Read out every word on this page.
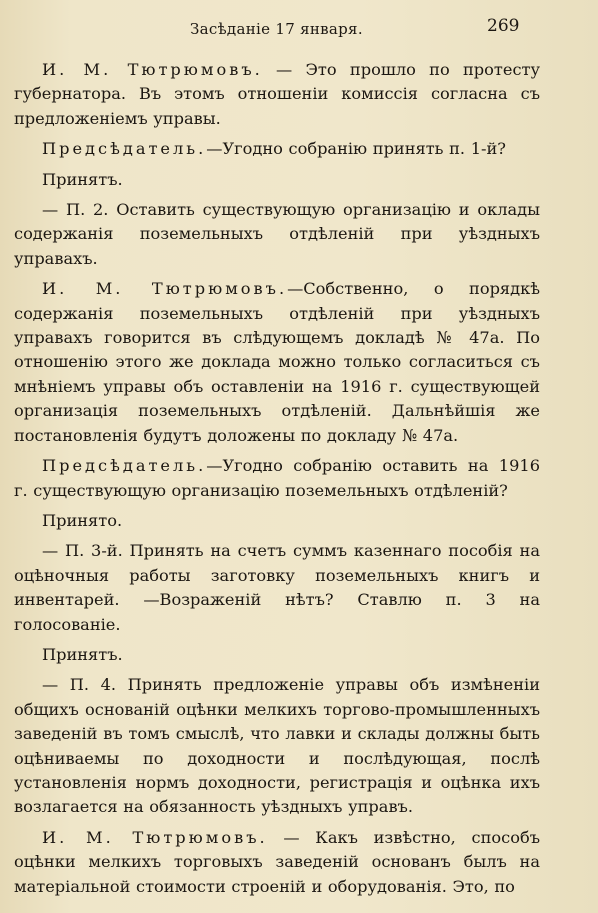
Засѣданіе 17 января.	269

И. М. Тютрюмовъ. — Это прошло по протесту губернатора. Въ этомъ отношеніи комиссія согласна съ предложеніемъ управы.

Предсѣдатель.—Угодно собранію принять п. 1-й?

Принятъ.

— П. 2. Оставить существующую организацію и оклады содержанія поземельныхъ отдѣленій при уѣздныхъ управахъ.

И. М. Тютрюмовъ.—Собственно, о порядкѣ содержанія поземельныхъ отдѣленій при уѣздныхъ управахъ говорится въ слѣдующемъ докладѣ № 47а. По отношенію этого же доклада можно только согласиться съ мнѣніемъ управы объ оставленіи на 1916 г. существующей организація поземельныхъ отдѣленій. Дальнѣйшія же постановленія будутъ доложены по докладу № 47а.

Предсѣдатель.—Угодно собранію оставить на 1916 г. существующую организацію поземельныхъ отдѣленій?

Принято.

— П. 3-й. Принять на счетъ суммъ казеннаго пособія на оцѣночныя работы заготовку поземельныхъ книгъ и инвентарей. —Возраженій нѣтъ? Ставлю п. 3 на голосованіе.

Принятъ.

— П. 4. Принять предложеніе управы объ измѣненіи общихъ основаній оцѣнки мелкихъ торгово-промышленныхъ заведеній въ томъ смыслѣ, что лавки и склады должны быть оцѣниваемы по доходности и послѣдующая, послѣ установленія нормъ доходности, регистрація и оцѣнка ихъ возлагается на обязанность уѣздныхъ управъ.

И. М. Тютрюмовъ. — Какъ извѣстно, способъ оцѣнки мелкихъ торговыхъ заведеній основанъ былъ на матеріальной стоимости строеній и оборудованія. Это, по
